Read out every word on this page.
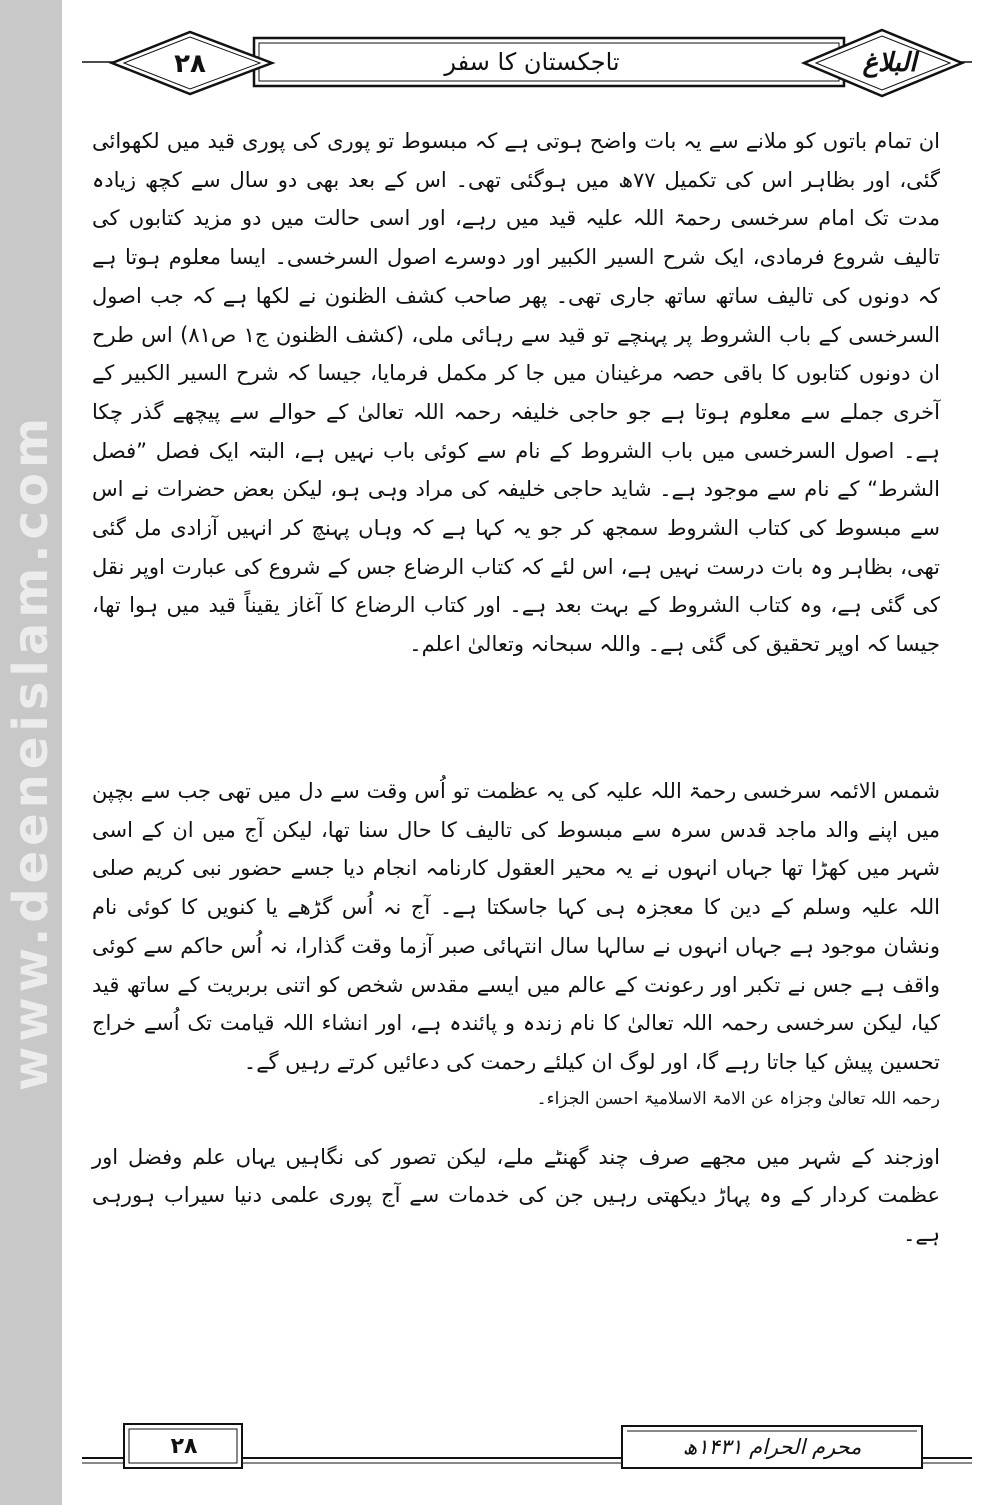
www.deeneislam.com
۲۸	تاجکستان کا سفر	البلاغ

ان تمام باتوں کو ملانے سے یہ بات واضح ہوتی ہے کہ مبسوط تو پوری کی پوری قید میں لکھوائی گئی، اور بظاہر اس کی تکمیل ۷۷ھ میں ہوگئی تھی۔ اس کے بعد بھی دو سال سے کچھ زیادہ مدت تک امام سرخسی رحمۃ اللہ علیہ قید میں رہے، اور اسی حالت میں دو مزید کتابوں کی تالیف شروع فرمادی، ایک شرح السیر الکبیر اور دوسرے اصول السرخسی۔ ایسا معلوم ہوتا ہے کہ دونوں کی تالیف ساتھ ساتھ جاری تھی۔ پھر صاحب کشف الظنون نے لکھا ہے کہ جب اصول السرخسی کے باب الشروط پر پہنچے تو قید سے رہائی ملی، (کشف الظنون ج۱ ص۸۱) اس طرح ان دونوں کتابوں کا باقی حصہ مرغینان میں جا کر مکمل فرمایا، جیسا کہ شرح السیر الکبیر کے آخری جملے سے معلوم ہوتا ہے جو حاجی خلیفہ رحمہ اللہ تعالیٰ کے حوالے سے پیچھے گذر چکا ہے۔ اصول السرخسی میں باب الشروط کے نام سے کوئی باب نہیں ہے، البتہ ایک فصل ”فصل الشرط“ کے نام سے موجود ہے۔ شاید حاجی خلیفہ کی مراد وہی ہو، لیکن بعض حضرات نے اس سے مبسوط کی کتاب الشروط سمجھ کر جو یہ کہا ہے کہ وہاں پہنچ کر انہیں آزادی مل گئی تھی، بظاہر وہ بات درست نہیں ہے، اس لئے کہ کتاب الرضاع جس کے شروع کی عبارت اوپر نقل کی گئی ہے، وہ کتاب الشروط کے بہت بعد ہے۔ اور کتاب الرضاع کا آغاز یقیناً قید میں ہوا تھا، جیسا کہ اوپر تحقیق کی گئی ہے۔ واللہ سبحانہ وتعالیٰ اعلم۔

شمس الائمہ سرخسی رحمۃ اللہ علیہ کی یہ عظمت تو اُس وقت سے دل میں تھی جب سے بچپن میں اپنے والد ماجد قدس سرہ سے مبسوط کی تالیف کا حال سنا تھا، لیکن آج میں ان کے اسی شہر میں کھڑا تھا جہاں انہوں نے یہ محیر العقول کارنامہ انجام دیا جسے حضور نبی کریم صلی اللہ علیہ وسلم کے دین کا معجزہ ہی کہا جاسکتا ہے۔ آج نہ اُس گڑھے یا کنویں کا کوئی نام ونشان موجود ہے جہاں انہوں نے سالہا سال انتہائی صبر آزما وقت گذارا، نہ اُس حاکم سے کوئی واقف ہے جس نے تکبر اور رعونت کے عالم میں ایسے مقدس شخص کو اتنی بربریت کے ساتھ قید کیا، لیکن سرخسی رحمہ اللہ تعالیٰ کا نام زندہ و پائندہ ہے، اور انشاء اللہ قیامت تک اُسے خراج تحسین پیش کیا جاتا رہے گا، اور لوگ ان کیلئے رحمت کی دعائیں کرتے رہیں گے۔

رحمہ اللہ تعالیٰ وجزاہ عن الامۃ الاسلامیۃ احسن الجزاء۔

اوزجند کے شہر میں مجھے صرف چند گھنٹے ملے، لیکن تصور کی نگاہیں یہاں علم وفضل اور عظمت کردار کے وہ پہاڑ دیکھتی رہیں جن کی خدمات سے آج پوری علمی دنیا سیراب ہورہی ہے۔

۲۸	محرم الحرام ۱۴۳۱ھ
